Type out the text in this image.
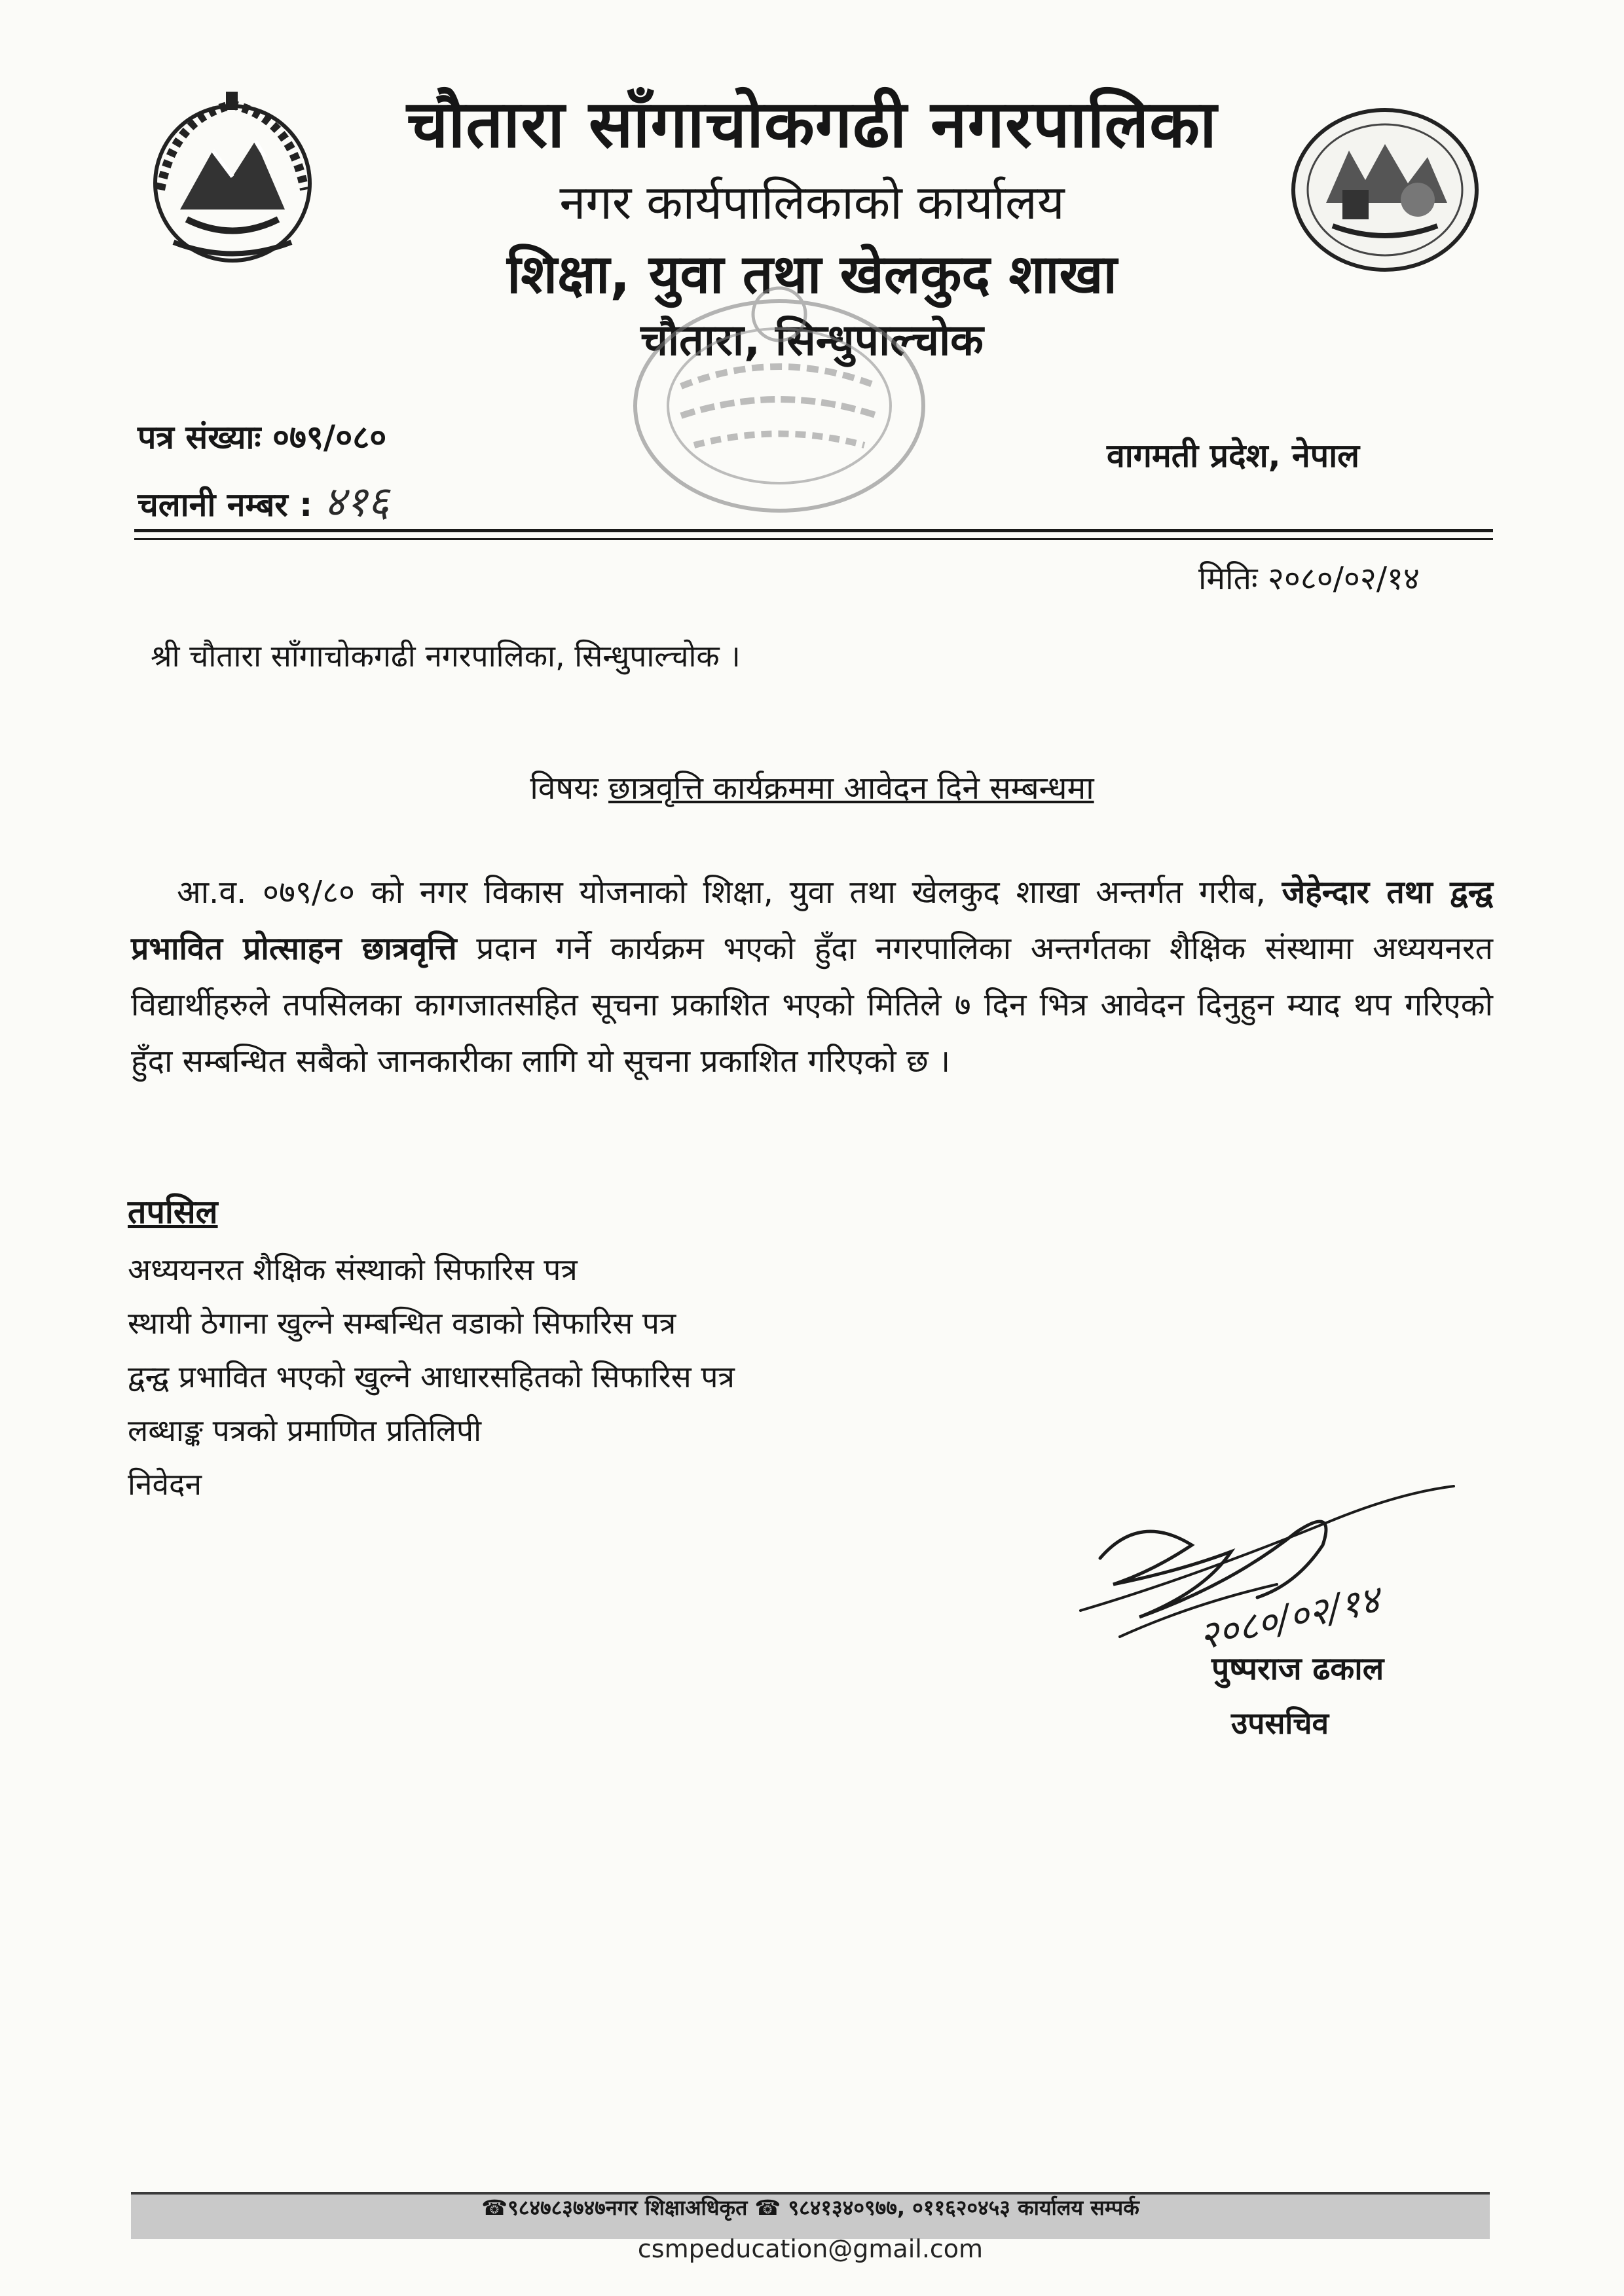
चौतारा साँगाचोकगढी नगरपालिका
नगर कार्यपालिकाको कार्यालय
शिक्षा, युवा तथा खेलकुद शाखा
चौतारा, सिन्धुपाल्चोक
पत्र संख्याः ०७९/०८०
चलानी नम्बर : ४१६
वागमती प्रदेश, नेपाल
मितिः २०८०/०२/१४
श्री चौतारा साँगाचोकगढी नगरपालिका, सिन्धुपाल्चोक ।
विषयः छात्रवृत्ति कार्यक्रममा आवेदन दिने सम्बन्धमा
आ.व. ०७९/८० को नगर विकास योजनाको शिक्षा, युवा तथा खेलकुद शाखा अन्तर्गत गरीब, जेहेन्दार तथा द्वन्द्व प्रभावित प्रोत्साहन छात्रवृत्ति प्रदान गर्ने कार्यक्रम भएको हुँदा नगरपालिका अन्तर्गतका शैक्षिक संस्थामा अध्ययनरत विद्यार्थीहरुले तपसिलका कागजातसहित सूचना प्रकाशित भएको मितिले ७ दिन भित्र आवेदन दिनुहुन म्याद थप गरिएको हुँदा सम्बन्धित सबैको जानकारीका लागि यो सूचना प्रकाशित गरिएको छ ।
तपसिल
अध्ययनरत शैक्षिक संस्थाको सिफारिस पत्र
स्थायी ठेगाना खुल्ने सम्बन्धित वडाको सिफारिस पत्र
द्वन्द्व प्रभावित भएको खुल्ने आधारसहितको सिफारिस पत्र
लब्धाङ्क पत्रको प्रमाणित प्रतिलिपी
निवेदन
२०८०/०२/१४
पुष्पराज ढकाल
उपसचिव
☎९८४७८३७४७नगर शिक्षाअधिकृत ☎ ९८४१३४०९७७, ०११६२०४५३ कार्यालय सम्पर्क
csmpeducation@gmail.com
